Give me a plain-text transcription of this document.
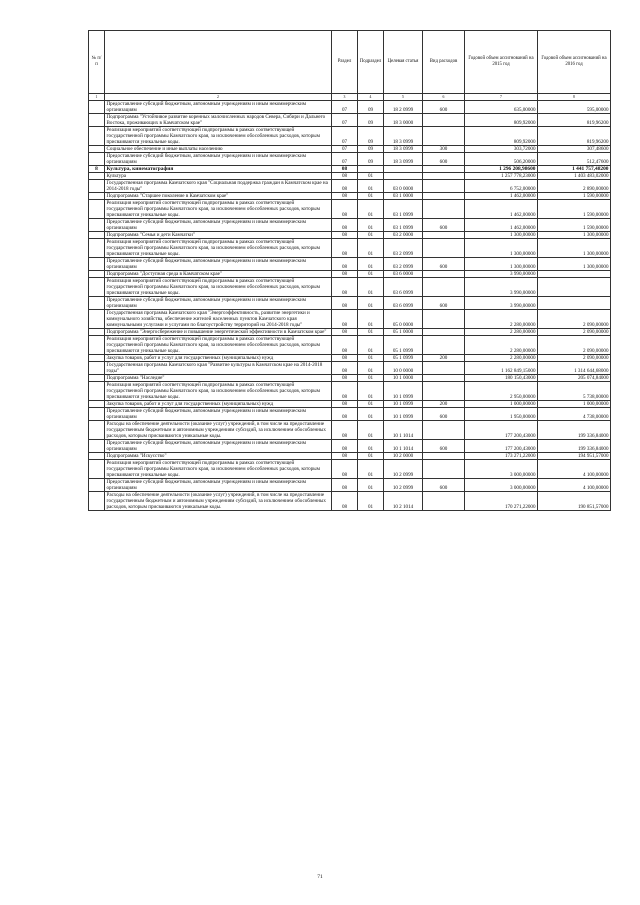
№ п/п		Раздел	Подраздел	Целевая статья	Вид расходов	Годовой объем ассигнований на 2015 год	Годовой объем ассигнований на 2016 год
1	2	3	4	5	6	7	8
	Предоставление субсидий бюджетным, автономным учреждениям и иным некоммерческим организациям	07	09	18 2 0999	600	635,00000	595,00000
	Подпрограмма "Устойчивое развитие коренных малочисленных народов Севера, Сибири и Дальнего Востока, проживающих в Камчатском крае"	07	09	18 3 0000		809,92000	819,96200
	Реализация мероприятий соответствующей подпрограммы в рамках соответствующей государственной программы Камчатского края, за исключением обособленных расходов, которым присваиваются уникальные коды.	07	09	18 3 0999		809,92000	819,96200
	Социальное обеспечение и иные выплаты населению	07	09	18 3 0999	300	303,72000	307,48600
	Предоставление субсидий бюджетным, автономным учреждениям и иным некоммерческим организациям	07	09	18 3 0999	600	506,20000	512,47600
8	Культура, кинематография	08				1 296 208,98600	1 441 757,48200
	Культура	08	01			1 257 778,23000	1 403 483,02000
	Государственная программа Камчатского края "Социальная поддержка граждан в Камчатском крае на 2014-2018 годы"	08	01	03 0 0000		6 752,00000	2 890,00000
	Подпрограмма "Старшее поколение в Камчатском крае"	08	01	03 1 0000		1 462,00000	1 590,00000
	Реализация мероприятий соответствующей подпрограммы в рамках соответствующей государственной программы Камчатского края, за исключением обособленных расходов, которым присваиваются уникальные коды.	08	01	03 1 0999		1 462,00000	1 590,00000
	Предоставление субсидий бюджетным, автономным учреждениям и иным некоммерческим организациям	08	01	03 1 0999	600	1 462,00000	1 590,00000
	Подпрограмма "Семья и дети Камчатки"	08	01	03 2 0000		1 300,00000	1 300,00000
	Реализация мероприятий соответствующей подпрограммы в рамках соответствующей государственной программы Камчатского края, за исключением обособленных расходов, которым присваиваются уникальные коды.	08	01	03 2 0999		1 300,00000	1 300,00000
	Предоставление субсидий бюджетным, автономным учреждениям и иным некоммерческим организациям	08	01	03 2 0999	600	1 300,00000	1 300,00000
	Подпрограмма "Доступная среда в Камчатском крае"	08	01	03 6 0000		3 990,00000	
	Реализация мероприятий соответствующей подпрограммы в рамках соответствующей государственной программы Камчатского края, за исключением обособленных расходов, которым присваиваются уникальные коды.	08	01	03 6 0999		3 990,00000	
	Предоставление субсидий бюджетным, автономным учреждениям и иным некоммерческим организациям	08	01	03 6 0999	600	3 990,00000	
	Государственная программа Камчатского края "Энергоэффективность, развитие энергетики и коммунального хозяйства, обеспечение жителей населенных пунктов Камчатского края коммунальными услугами и услугами по благоустройству территорий на 2014-2018 годы"	08	01	05 0 0000		2 280,00000	2 090,00000
	Подпрограмма "Энергосбережение и повышение энергетической эффективности в Камчатском крае"	08	01	05 1 0000		2 280,00000	2 090,00000
	Реализация мероприятий соответствующей подпрограммы в рамках соответствующей государственной программы Камчатского края, за исключением обособленных расходов, которым присваиваются уникальные коды.	08	01	05 1 0999		2 280,00000	2 090,00000
	Закупка товаров, работ и услуг для государственных (муниципальных) нужд	08	01	05 1 0999	200	2 280,00000	2 090,00000
	Государственная программа Камчатского края "Развитие культуры в Камчатском крае на 2014-2018 годы"	08	01	10 0 0000		1 162 849,15000	1 314 644,68000
	Подпрограмма "Наследие"	08	01	10 1 0000		180 150,43000	205 074,84000
	Реализация мероприятий соответствующей подпрограммы в рамках соответствующей государственной программы Камчатского края, за исключением обособленных расходов, которым присваиваются уникальные коды.	08	01	10 1 0999		2 950,00000	5 738,00000
	Закупка товаров, работ и услуг для государственных (муниципальных) нужд	08	01	10 1 0999	200	1 000,00000	1 000,00000
	Предоставление субсидий бюджетным, автономным учреждениям и иным некоммерческим организациям	08	01	10 1 0999	600	1 950,00000	4 738,00000
	Расходы на обеспечение деятельности (оказание услуг) учреждений, в том числе на предоставление государственным бюджетным и автономным учреждениям субсидий, за исключением обособленных расходов, которым присваиваются уникальные коды.	08	01	10 1 1014		177 200,43000	199 336,84000
	Предоставление субсидий бюджетным, автономным учреждениям и иным некоммерческим организациям	08	01	10 1 1014	600	177 200,43000	199 336,84000
	Подпрограмма "Искусство"	08	01	10 2 0000		173 271,22000	194 951,57000
	Реализация мероприятий соответствующей подпрограммы в рамках соответствующей государственной программы Камчатского края, за исключением обособленных расходов, которым присваиваются уникальные коды.	08	01	10 2 0999		3 000,00000	4 100,00000
	Предоставление субсидий бюджетным, автономным учреждениям и иным некоммерческим организациям	08	01	10 2 0999	600	3 000,00000	4 100,00000
	Расходы на обеспечение деятельности (оказание услуг) учреждений, в том числе на предоставление государственным бюджетным и автономным учреждениям субсидий, за исключением обособленных расходов, которым присваиваются уникальные коды.	08	01	10 2 1014		170 271,22000	190 851,57000
71
